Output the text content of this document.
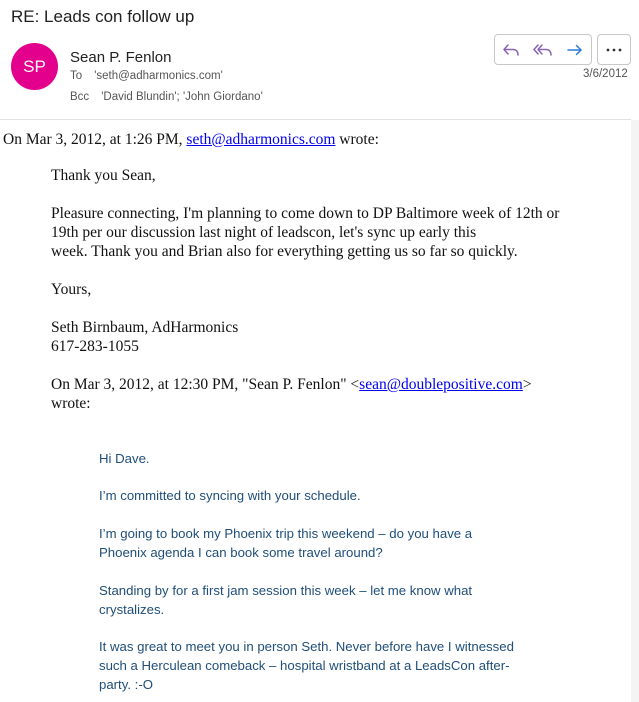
RE: Leads con follow up
SP Sean P. Fenlon
To 'seth@adharmonics.com'
Bcc 'David Blundin'; 'John Giordano'
3/6/2012
On Mar 3, 2012, at 1:26 PM, seth@adharmonics.com wrote:
Thank you Sean,
Pleasure connecting, I'm planning to come down to DP Baltimore week of 12th or
19th per our discussion last night of leadscon, let's sync up early this
week. Thank you and Brian also for everything getting us so far so quickly.
Yours,
Seth Birnbaum, AdHarmonics
617-283-1055
On Mar 3, 2012, at 12:30 PM, "Sean P. Fenlon" <sean@doublepositive.com>
wrote:
Hi Dave.
I’m committed to syncing with your schedule.
I’m going to book my Phoenix trip this weekend – do you have a
Phoenix agenda I can book some travel around?
Standing by for a first jam session this week – let me know what
crystalizes.
It was great to meet you in person Seth. Never before have I witnessed
such a Herculean comeback – hospital wristband at a LeadsCon after-
party. :-O
